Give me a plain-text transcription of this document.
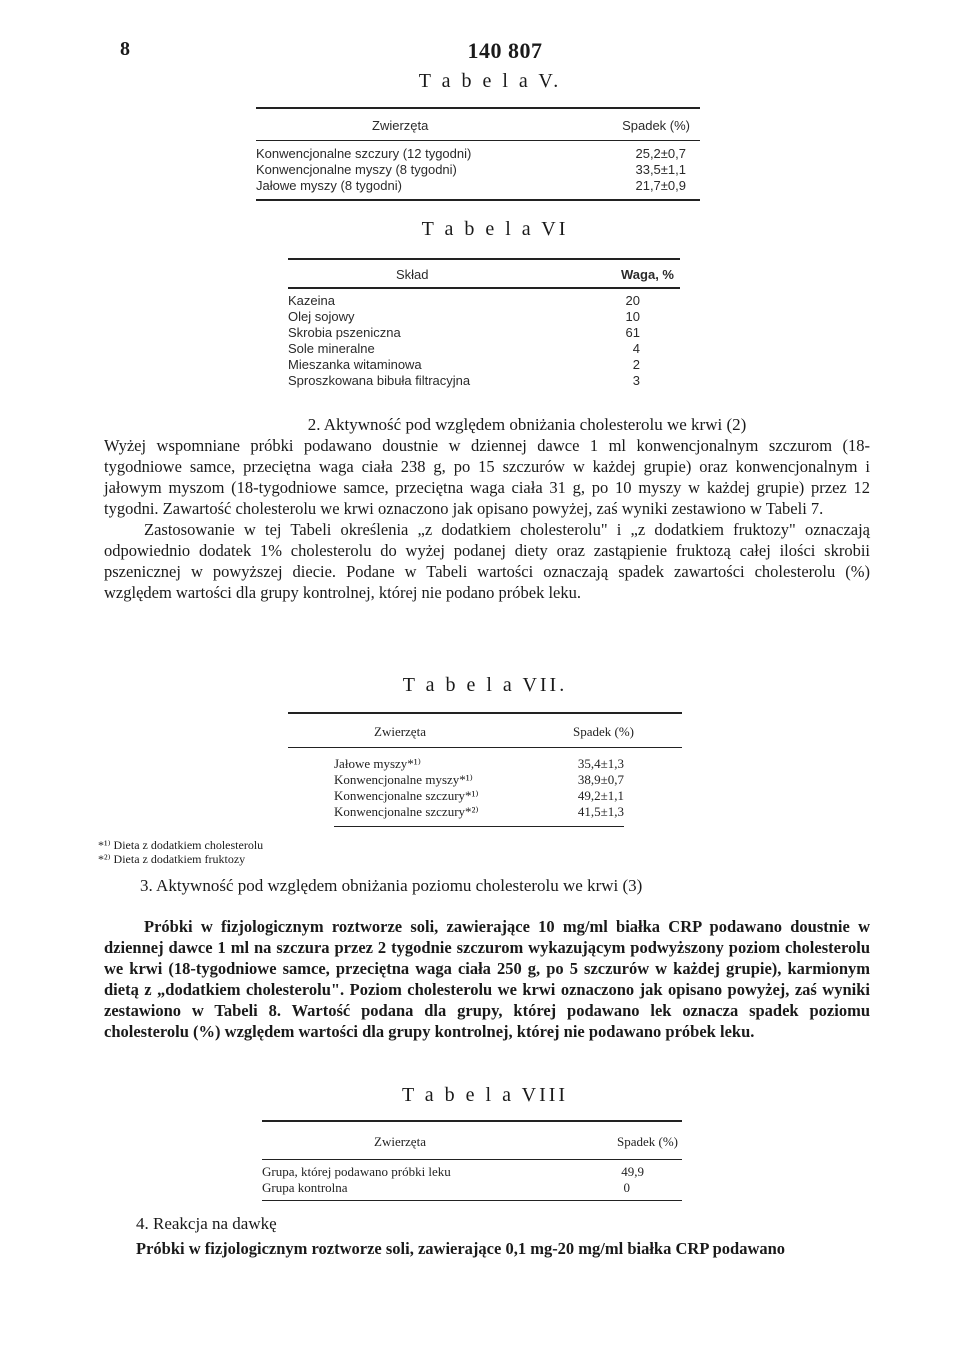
8	140 807
T a b e l a V.
Zwierzęta	Spadek (%)
Konwencjonalne szczury (12 tygodni)	25,2±0,7
Konwencjonalne myszy (8 tygodni)	33,5±1,1
Jałowe myszy (8 tygodni)	21,7±0,9
T a b e l a VI
Skład	Waga, %
Kazeina	20
Olej sojowy	10
Skrobia pszeniczna	61
Sole mineralne	4
Mieszanka witaminowa	2
Sproszkowana bibuła filtracyjna	3

2. Aktywność pod względem obniżania cholesterolu we krwi (2)

Wyżej wspomniane próbki podawano doustnie w dziennej dawce 1 ml konwencjonalnym szczurom (18-tygodniowe samce, przeciętna waga ciała 238 g, po 15 szczurów w każdej grupie) oraz konwencjonalnym i jałowym myszom (18-tygodniowe samce, przeciętna waga ciała 31 g, po 10 myszy w każdej grupie) przez 12 tygodni. Zawartość cholesterolu we krwi oznaczono jak opisano powyżej, zaś wyniki zestawiono w Tabeli 7.

Zastosowanie w tej Tabeli określenia „z dodatkiem cholesterolu" i „z dodatkiem fruktozy" oznaczają odpowiednio dodatek 1% cholesterolu do wyżej podanej diety oraz zastąpienie fruktozą całej ilości skrobii pszenicznej w powyższej diecie. Podane w Tabeli wartości oznaczają spadek zawartości cholesterolu (%) względem wartości dla grupy kontrolnej, której nie podano próbek leku.

T a b e l a VII.
Zwierzęta	Spadek (%)
Jałowe myszy*¹⁾	35,4±1,3
Konwencjonalne myszy*¹⁾	38,9±0,7
Konwencjonalne szczury*¹⁾	49,2±1,1
Konwencjonalne szczury*²⁾	41,5±1,3
*¹⁾ Dieta z dodatkiem cholesterolu
*²⁾ Dieta z dodatkiem fruktozy
3. Aktywność pod względem obniżania poziomu cholesterolu we krwi (3)

Próbki w fizjologicznym roztworze soli, zawierające 10 mg/ml białka CRP podawano doustnie w dziennej dawce 1 ml na szczura przez 2 tygodnie szczurom wykazującym podwyższony poziom cholesterolu we krwi (18-tygodniowe samce, przeciętna waga ciała 250 g, po 5 szczurów w każdej grupie), karmionym dietą z „dodatkiem cholesterolu". Poziom cholesterolu we krwi oznaczono jak opisano powyżej, zaś wyniki zestawiono w Tabeli 8. Wartość podana dla grupy, której podawano lek oznacza spadek poziomu cholesterolu (%) względem wartości dla grupy kontrolnej, której nie podawano próbek leku.

T a b e l a VIII
Zwierzęta	Spadek (%)
Grupa, której podawano próbki leku	49,9
Grupa kontrolna	0
4. Reakcja na dawkę

Próbki w fizjologicznym roztworze soli, zawierające 0,1 mg-20 mg/ml białka CRP podawano
